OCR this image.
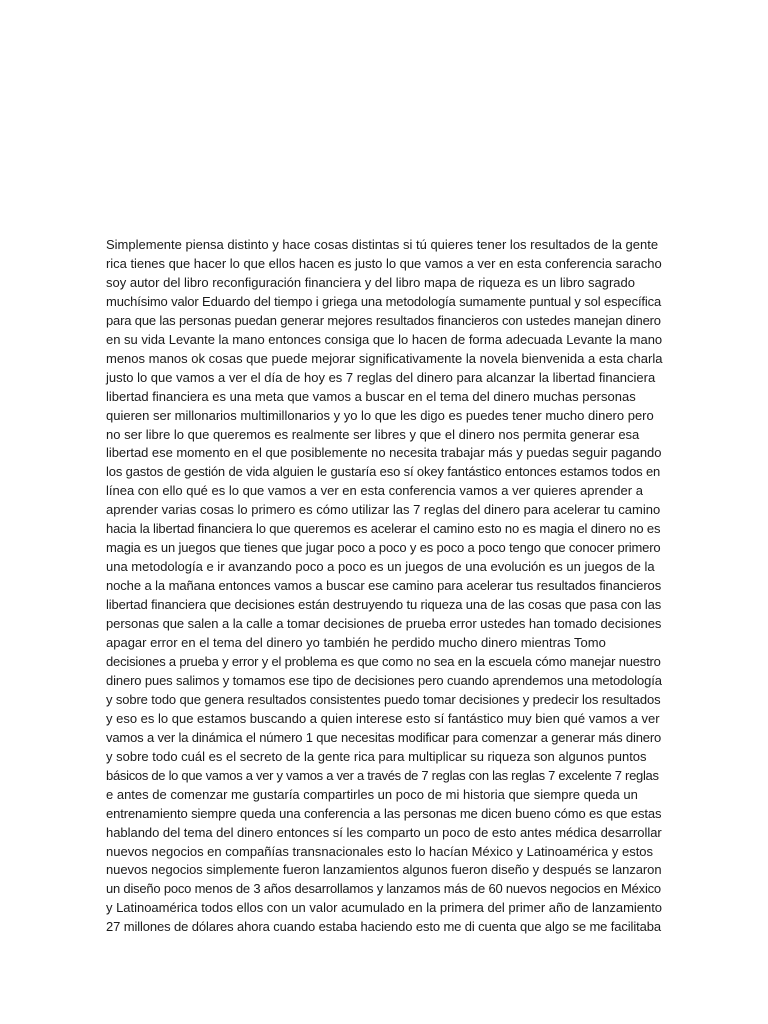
Simplemente piensa distinto y hace cosas distintas si tú quieres tener los resultados de la gente
rica tienes que hacer lo que ellos hacen es justo lo que vamos a ver en esta conferencia saracho
soy autor del libro reconfiguración financiera y del libro mapa de riqueza es un libro sagrado
muchísimo valor Eduardo del tiempo i griega una metodología sumamente puntual y sol específica
para que las personas puedan generar mejores resultados financieros con ustedes manejan dinero
en su vida Levante la mano entonces consiga que lo hacen de forma adecuada Levante la mano
menos manos ok cosas que puede mejorar significativamente la novela bienvenida a esta charla
justo lo que vamos a ver el día de hoy es 7 reglas del dinero para alcanzar la libertad financiera
libertad financiera es una meta que vamos a buscar en el tema del dinero muchas personas
quieren ser millonarios multimillonarios y yo lo que les digo es puedes tener mucho dinero pero
no ser libre lo que queremos es realmente ser libres y que el dinero nos permita generar esa
libertad ese momento en el que posiblemente no necesita trabajar más y puedas seguir pagando
los gastos de gestión de vida alguien le gustaría eso sí okey fantástico entonces estamos todos en
línea con ello qué es lo que vamos a ver en esta conferencia vamos a ver quieres aprender a
aprender varias cosas lo primero es cómo utilizar las 7 reglas del dinero para acelerar tu camino
hacia la libertad financiera lo que queremos es acelerar el camino esto no es magia el dinero no es
magia es un juegos que tienes que jugar poco a poco y es poco a poco tengo que conocer primero
una metodología e ir avanzando poco a poco es un juegos de una evolución es un juegos de la
noche a la mañana entonces vamos a buscar ese camino para acelerar tus resultados financieros
libertad financiera que decisiones están destruyendo tu riqueza una de las cosas que pasa con las
personas que salen a la calle a tomar decisiones de prueba error ustedes han tomado decisiones
apagar error en el tema del dinero yo también he perdido mucho dinero mientras Tomo
decisiones a prueba y error y el problema es que como no sea en la escuela cómo manejar nuestro
dinero pues salimos y tomamos ese tipo de decisiones pero cuando aprendemos una metodología
y sobre todo que genera resultados consistentes puedo tomar decisiones y predecir los resultados
y eso es lo que estamos buscando a quien interese esto sí fantástico muy bien qué vamos a ver
vamos a ver la dinámica el número 1 que necesitas modificar para comenzar a generar más dinero
y sobre todo cuál es el secreto de la gente rica para multiplicar su riqueza son algunos puntos
básicos de lo que vamos a ver y vamos a ver a través de 7 reglas con las reglas 7 excelente 7 reglas
e antes de comenzar me gustaría compartirles un poco de mi historia que siempre queda un
entrenamiento siempre queda una conferencia a las personas me dicen bueno cómo es que estas
hablando del tema del dinero entonces sí les comparto un poco de esto antes médica desarrollar
nuevos negocios en compañías transnacionales esto lo hacían México y Latinoamérica y estos
nuevos negocios simplemente fueron lanzamientos algunos fueron diseño y después se lanzaron
un diseño poco menos de 3 años desarrollamos y lanzamos más de 60 nuevos negocios en México
y Latinoamérica todos ellos con un valor acumulado en la primera del primer año de lanzamiento
27 millones de dólares ahora cuando estaba haciendo esto me di cuenta que algo se me facilitaba
